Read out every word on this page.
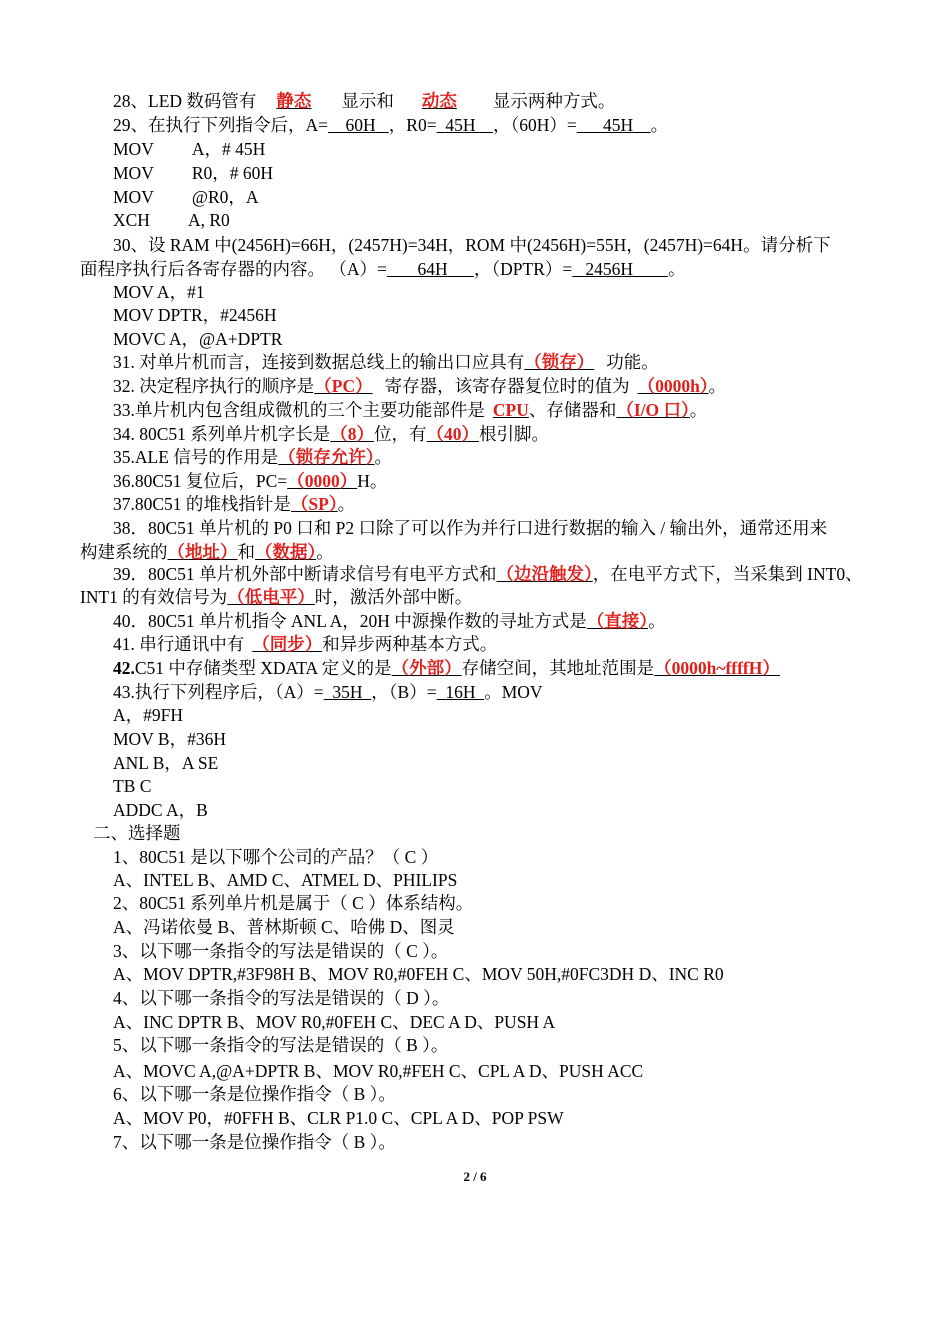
28、LED 数码管有 静态 显示和 动态 显示两种方式。
29、在执行下列指令后，A= 60H ，R0= 45H ，（60H）= 45H 。
MOV A，# 45H
MOV R0，# 60H
MOV @R0，A
XCH A, R0
30、设 RAM 中(2456H)=66H，(2457H)=34H，ROM 中(2456H)=55H，(2457H)=64H。请分析下
面程序执行后各寄存器的内容。 （A）= 64H ，（DPTR）= 2456H 。
MOV A，#1
MOV DPTR，#2456H
MOVC A，@A+DPTR
31. 对单片机而言，连接到数据总线上的输出口应具有（锁存） 功能。
32. 决定程序执行的顺序是（PC） 寄存器，该寄存器复位时的值为 （0000h）。
33.单片机内包含组成微机的三个主要功能部件是 CPU、存储器和（I/O 口）。
34. 80C51 系列单片机字长是（8）位，有（40）根引脚。
35.ALE 信号的作用是（锁存允许）。
36.80C51 复位后，PC=（0000）H。
37.80C51 的堆栈指针是（SP）。
38．80C51 单片机的 P0 口和 P2 口除了可以作为并行口进行数据的输入 / 输出外，通常还用来
构建系统的（地址）和（数据）。
39．80C51 单片机外部中断请求信号有电平方式和（边沿触发），在电平方式下，当采集到 INT0、
INT1 的有效信号为（低电平）时，激活外部中断。
40．80C51 单片机指令 ANL A，20H 中源操作数的寻址方式是（直接）。
41. 串行通讯中有 （同步）和异步两种基本方式。
42.C51 中存储类型 XDATA 定义的是（外部）存储空间，其地址范围是（0000h~ffffH）
43.执行下列程序后，（A）= 35H ，（B）= 16H 。MOV
A，#9FH
MOV B，#36H
ANL B，A SE
TB C
ADDC A，B
二、选择题
1、80C51 是以下哪个公司的产品？（ C ）
A、INTEL B、AMD C、ATMEL D、PHILIPS
2、80C51 系列单片机是属于（ C ）体系结构。
A、冯诺依曼 B、普林斯顿 C、哈佛 D、图灵
3、以下哪一条指令的写法是错误的（ C ）。
A、MOV DPTR,#3F98H B、MOV R0,#0FEH C、MOV 50H,#0FC3DH D、INC R0
4、以下哪一条指令的写法是错误的（ D ）。
A、INC DPTR B、MOV R0,#0FEH C、DEC A D、PUSH A
5、以下哪一条指令的写法是错误的（ B ）。
A、MOVC A,@A+DPTR B、MOV R0,#FEH C、CPL A D、PUSH ACC
6、以下哪一条是位操作指令（ B ）。
A、MOV P0，#0FFH B、CLR P1.0 C、CPL A D、POP PSW
7、以下哪一条是位操作指令（ B ）。
2 / 6
